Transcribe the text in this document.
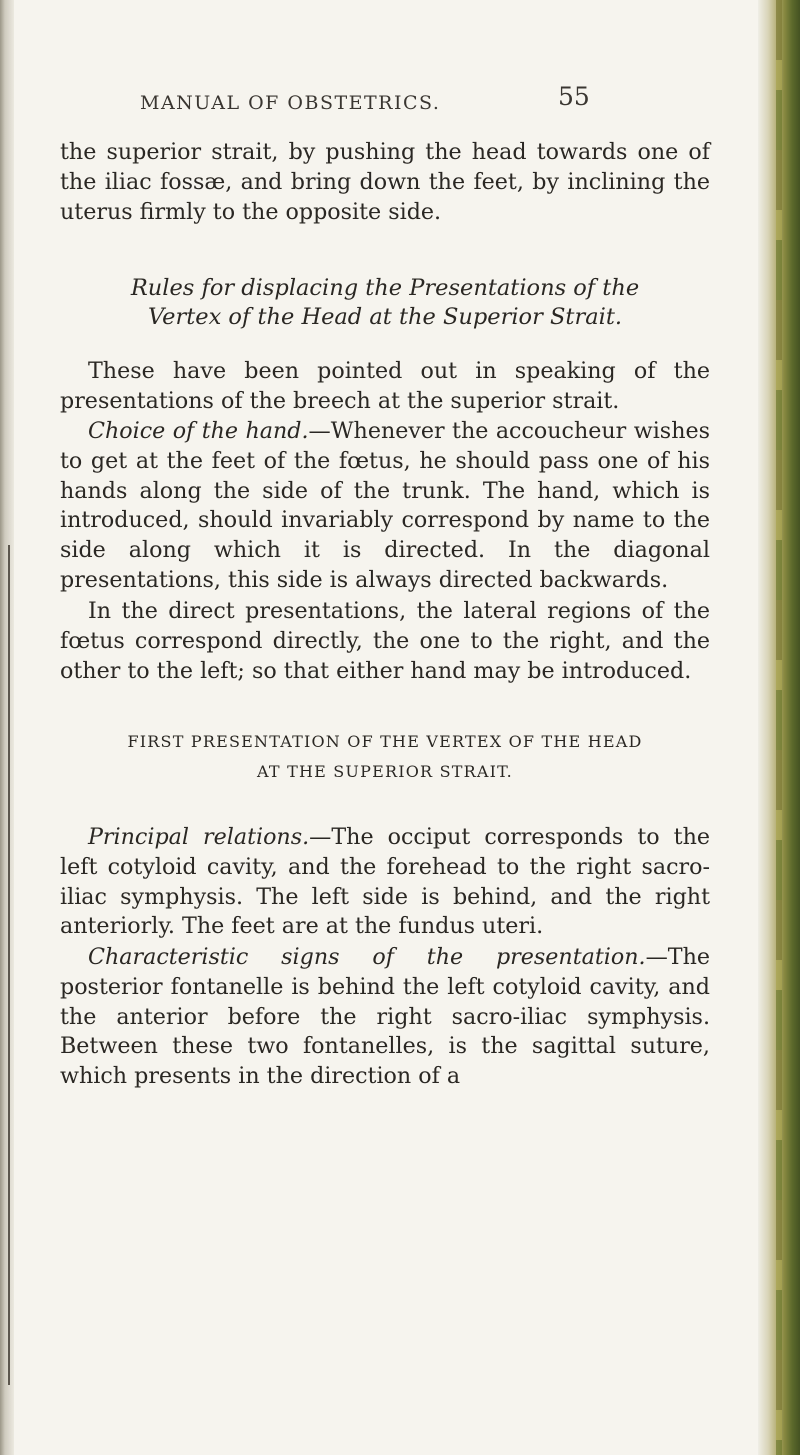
MANUAL OF OBSTETRICS.	55

the superior strait, by pushing the head towards one of the iliac fossæ, and bring down the feet, by inclining the uterus firmly to the opposite side.

Rules for displacing the Presentations of the

Vertex of the Head at the Superior Strait.

These have been pointed out in speaking of the presentations of the breech at the superior strait.

Choice of the hand.—Whenever the accoucheur wishes to get at the feet of the fœtus, he should pass one of his hands along the side of the trunk. The hand, which is introduced, should invariably correspond by name to the side along which it is directed. In the diagonal presentations, this side is always directed backwards.

In the direct presentations, the lateral regions of the fœtus correspond directly, the one to the right, and the other to the left; so that either hand may be introduced.

FIRST PRESENTATION OF THE VERTEX OF THE HEAD

AT THE SUPERIOR STRAIT.

Principal relations.—The occiput corresponds to the left cotyloid cavity, and the forehead to the right sacro-iliac symphysis. The left side is behind, and the right anteriorly. The feet are at the fundus uteri.

Characteristic signs of the presentation.—The posterior fontanelle is behind the left cotyloid cavity, and the anterior before the right sacro-iliac symphysis. Between these two fontanelles, is the sagittal suture, which presents in the direction of a
